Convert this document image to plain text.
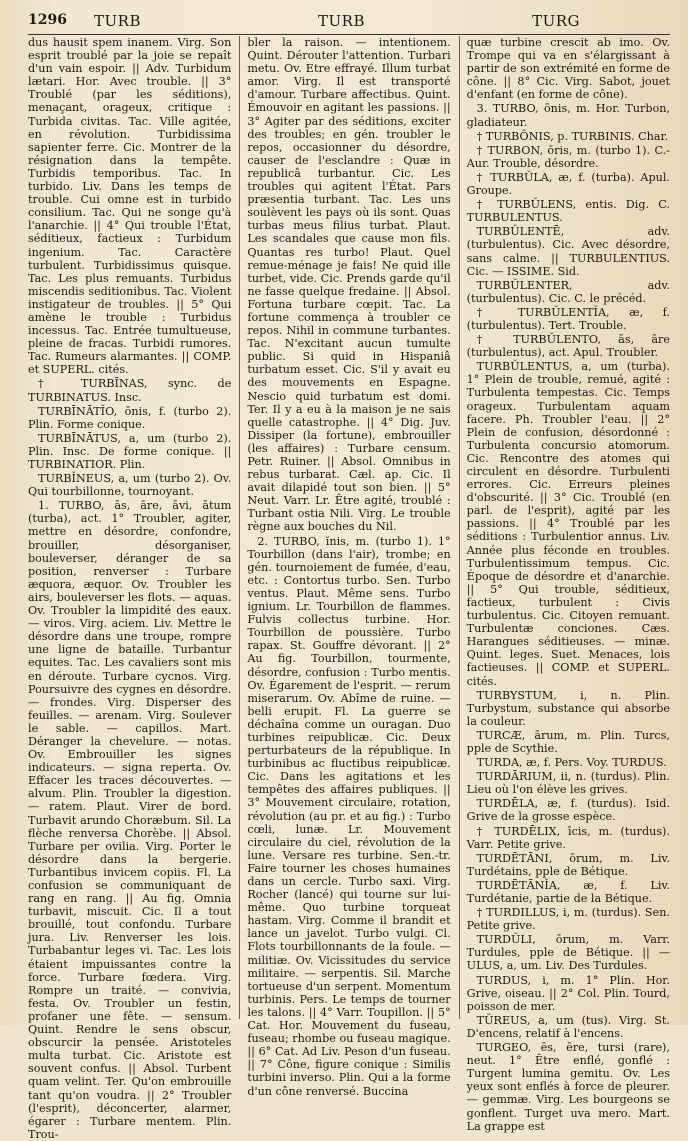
1296 TURB	TURB	TURG

dus hausit spem inanem. Virg. Son esprit troublé par la joie se repaît d'un vain espoir. || Adv. Turbidum lætari. Hor. Avec trouble. || 3° Troublé (par les séditions), menaçant, orageux, critique : Turbida civitas. Tac. Ville agitée, en révolution. Turbidissima sapienter ferre. Cic. Montrer de la résignation dans la tempête. Turbidis temporibus. Tac. In turbido. Liv. Dans les temps de trouble. Cui omne est in turbido consilium. Tac. Qui ne songe qu'à l'anarchie. || 4° Qui trouble l'État, séditieux, factieux : Turbidum ingenium. Tac. Caractère turbulent. Turbidissimus quisque. Tac. Les plus remuants. Turbidus miscendis seditionibus. Tac. Violent instigateur de troubles. || 5° Qui amène le trouble : Turbidus incessus. Tac. Entrée tumultueuse, pleine de fracas. Turbidi rumores. Tac. Rumeurs alarmantes. || COMP. et SUPERL. cités.

† TURBĪNAS, sync. de TURBINATUS. Insc.

TURBĪNĀTĬO, ōnis, f. (turbo 2). Plin. Forme conique.

TURBĪNĀTUS, a, um (turbo 2). Plin. Insc. De forme conique. || TURBINATIOR. Plin.

TURBĬNEUS, a, um (turbo 2). Ov. Qui tourbillonne, tournoyant.

1. TURBO, ās, āre, āvi, ātum (turba), act. 1° Troubler, agiter, mettre en désordre, confondre, brouiller, désorganiser, bouleverser, déranger de sa position, renverser : Turbare æquora, æquor. Ov. Troubler les airs, bouleverser les flots. — aquas. Ov. Troubler la limpidité des eaux. — viros. Virg. aciem. Liv. Mettre le désordre dans une troupe, rompre une ligne de bataille. Turbantur equites. Tac. Les cavaliers sont mis en déroute. Turbare cycnos. Virg. Poursuivre des cygnes en désordre. — frondes. Virg. Disperser des feuilles. — arenam. Virg. Soulever le sable. — capillos. Mart. Déranger la chevelure. — notas. Ov. Embrouiller les signes indicateurs. — signa reperta. Ov. Effacer les traces découvertes. — alvum. Plin. Troubler la digestion. — ratem. Plaut. Virer de bord. Turbavit arundo Choræbum. Sil. La flèche renversa Chorèbe. || Absol. Turbare per ovilia. Virg. Porter le désordre dans la bergerie. Turbantibus invicem copiis. Fl. La confusion se communiquant de rang en rang. || Au fig. Omnia turbavit, miscuit. Cic. Il a tout brouillé, tout confondu. Turbare jura. Liv. Renverser les lois. Turbabantur leges vi. Tac. Les lois étaient impuissantes contre la force. Turbare fœdera. Virg. Rompre un traité. — convivia, festa. Ov. Troubler un festin, profaner une fête. — sensum. Quint. Rendre le sens obscur, obscurcir la pensée. Aristoteles multa turbat. Cic. Aristote est souvent confus. || Absol. Turbent quam velint. Ter. Qu'on embrouille tant qu'on voudra. || 2° Troubler (l'esprit), déconcerter, alarmer, égarer : Turbare mentem. Plin. Trou-

bler la raison. — intentionem. Quint. Dérouter l'attention. Turbari metu. Ov. Etre effrayé. Illum turbat amor. Virg. Il est transporté d'amour. Turbare affectibus. Quint. Émouvoir en agitant les passions. || 3° Agiter par des séditions, exciter des troubles; en gén. troubler le repos, occasionner du désordre, causer de l'esclandre : Quæ in republicâ turbantur. Cic. Les troubles qui agitent l'État. Pars præsentia turbant. Tac. Les uns soulèvent les pays où ils sont. Quas turbas meus filius turbat. Plaut. Les scandales que cause mon fils. Quantas res turbo! Plaut. Quel remue-ménage je fais! Ne quid ille turbet, vide. Cic. Prends garde qu'il ne fasse quelque fredaine. || Absol. Fortuna turbare cœpit. Tac. La fortune commença à troubler ce repos. Nihil in commune turbantes. Tac. N'excitant aucun tumulte public. Si quid in Hispaniâ turbatum esset. Cic. S'il y avait eu des mouvements en Espagne. Nescio quid turbatum est domi. Ter. Il y a eu à la maison je ne sais quelle catastrophe. || 4° Dig. Juv. Dissiper (la fortune), embrouiller (les affaires) : Turbare censum. Petr. Ruiner. || Absol. Omnibus in rebus turbarat. Cæl. ap. Cic. Il avait dilapidé tout son bien. || 5° Neut. Varr. Lr. Être agité, troublé : Turbant ostia Nili. Virg. Le trouble règne aux bouches du Nil.

2. TURBO, ĭnis, m. (turbo 1). 1° Tourbillon (dans l'air), trombe; en gén. tournoiement de fumée, d'eau, etc. : Contortus turbo. Sen. Turbo ventus. Plaut. Même sens. Turbo ignium. Lr. Tourbillon de flammes. Fulvis collectus turbine. Hor. Tourbillon de poussière. Turbo rapax. St. Gouffre dévorant. || 2° Au fig. Tourbillon, tourmente, désordre, confusion : Turbo mentis. Ov. Égarement de l'esprit. — rerum miserarum. Ov. Abîme de ruine. — belli erupit. Fl. La guerre se déchaîna comme un ouragan. Duo turbines reipublicæ. Cic. Deux perturbateurs de la république. In turbinibus ac fluctibus reipublicæ. Cic. Dans les agitations et les tempêtes des affaires publiques. || 3° Mouvement circulaire, rotation, révolution (au pr. et au fig.) : Turbo cœli, lunæ. Lr. Mouvement circulaire du ciel, révolution de la lune. Versare res turbine. Sen.-tr. Faire tourner les choses humaines dans un cercle. Turbo saxi. Virg. Rocher (lancé) qui tourne sur lui-même. Quo turbine torqueat hastam. Virg. Comme il brandit et lance un javelot. Turbo vulgi. Cl. Flots tourbillonnants de la foule. — militiæ. Ov. Vicissitudes du service militaire. — serpentis. Sil. Marche tortueuse d'un serpent. Momentum turbinis. Pers. Le temps de tourner les talons. || 4° Varr. Toupillon. || 5° Cat. Hor. Mouvement du fuseau, fuseau; rhombe ou fuseau magique. || 6° Cat. Ad Liv. Peson d'un fuseau. || 7° Cône, figure conique : Similis turbini inverso. Plin. Qui a la forme d'un cône renversé. Buccina

quæ turbine crescit ab imo. Ov. Trompe qui va en s'élargissant à partir de son extrémité en forme de cône. || 8° Cic. Virg. Sabot, jouet d'enfant (en forme de cône).

3. TURBO, ōnis, m. Hor. Turbon, gladiateur.

† TURBŌNIS, p. TURBINIS. Char.

† TURBON, ōris, m. (turbo 1). C.-Aur. Trouble, désordre.

† TURBŬLA, æ, f. (turba). Apul. Groupe.

† TURBŬLENS, entis. Dig. C. TURBULENTUS.

TURBŬLENTĒ, adv. (turbulentus). Cic. Avec désordre, sans calme. || TURBULENTIUS. Cic. — ISSIME. Sid.

TURBŬLENTER, adv. (turbulentus). Cic. C. le précéd.

† TURBŬLENTĬA, æ, f. (turbulentus). Tert. Trouble.

† TURBŬLENTO, ās, āre (turbulentus), act. Apul. Troubler.

TURBŬLENTUS, a, um (turba). 1° Plein de trouble, remué, agité : Turbulenta tempestas. Cic. Temps orageux. Turbulentam aquam facere. Ph. Troubler l'eau. || 2° Plein de confusion, désordonné : Turbulenta concursio atomorum. Cic. Rencontre des atomes qui circulent en désordre. Turbulenti errores. Cic. Erreurs pleines d'obscurité. || 3° Cic. Troublé (en parl. de l'esprit), agité par les passions. || 4° Troublé par les séditions : Turbulentior annus. Liv. Année plus féconde en troubles. Turbulentissimum tempus. Cic. Époque de désordre et d'anarchie. || 5° Qui trouble, séditieux, factieux, turbulent : Civis turbulentus. Cic. Citoyen remuant. Turbulentæ conciones. Cæs. Harangues séditieuses. — minæ. Quint. leges. Suet. Menaces, lois factieuses. || COMP. et SUPERL. cités.

TURBYSTUM, i, n. Plin. Turbystum, substance qui absorbe la couleur.

TURCÆ, ārum, m. Plin. Turcs, pple de Scythie.

TURDA, æ, f. Pers. Voy. TURDUS.

TURDĀRIUM, ii, n. (turdus). Plin. Lieu où l'on élève les grives.

TURDĒLA, æ, f. (turdus). Isid. Grive de la grosse espèce.

† TURDĒLIX, īcis, m. (turdus). Varr. Petite grive.

TURDĒTĀNI, ōrum, m. Liv. Turdétains, pple de Bétique.

TURDĒTĀNĬA, æ, f. Liv. Turdétanie, partie de la Bétique.

† TURDILLUS, i, m. (turdus). Sen. Petite grive.

TURDŬLI, ōrum, m. Varr. Turdules, pple de Bétique. || — ULUS, a, um. Liv. Des Turdules.

TURDUS, i, m. 1° Plin. Hor. Grive, oiseau. || 2° Col. Plin. Tourd, poisson de mer.

TŪREUS, a, um (tus). Virg. St. D'encens, relatif à l'encens.

TURGEO, ēs, ēre, tursi (rare), neut. 1° Être enflé, gonflé : Turgent lumina gemitu. Ov. Les yeux sont enflés à force de pleurer. — gemmæ. Virg. Les bourgeons se gonflent. Turget uva mero. Mart. La grappe est
